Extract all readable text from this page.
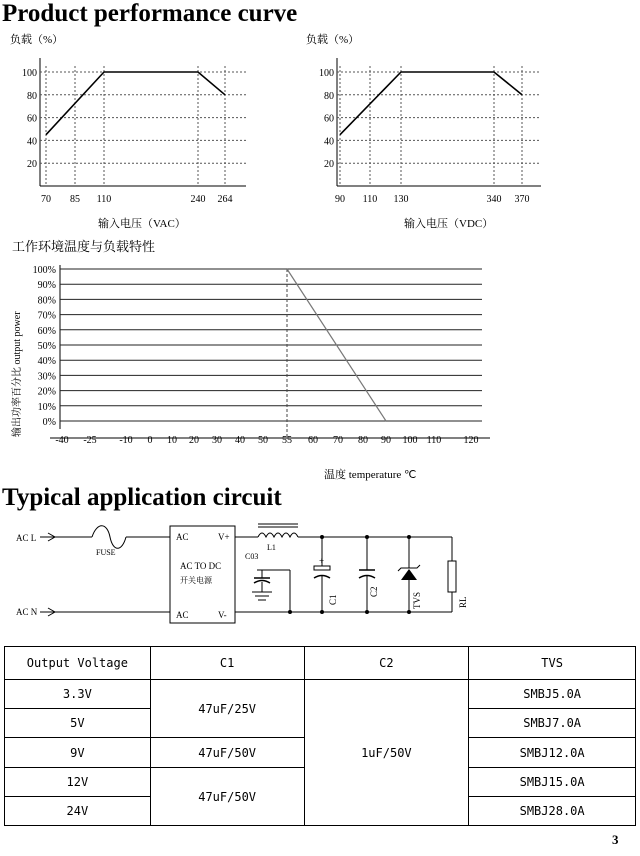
Product performance curve
负载（%）
100
80
60
40
20
70 85 110	240 264
输入电压（VAC）
负载（%）
100
80
60
40
20
90 110 130	340 370
输入电压（VDC）
工作环境温度与负载特性
输出功率百分比 output power
100%
90%
80%
70%
60%
50%
40%
30%
20%
10%
0%
-40 -25 -10 0 10 20 30 40 50 55 60 70 80 90 100 110 120
温度 temperature ℃
Typical application circuit
AC L
FUSE
AC N
AC
AC
V+
V-
AC TO DC
开关电源
L1
C03	+
C1
C2
TVS	RL
Output Voltage	C1	C2	TVS
3.3V	47uF/25V	1uF/50V	SMBJ5.0A
5V			SMBJ7.0A
9V	47uF/50V		SMBJ12.0A
12V	47uF/50V		SMBJ15.0A
24V			SMBJ28.0A
3
